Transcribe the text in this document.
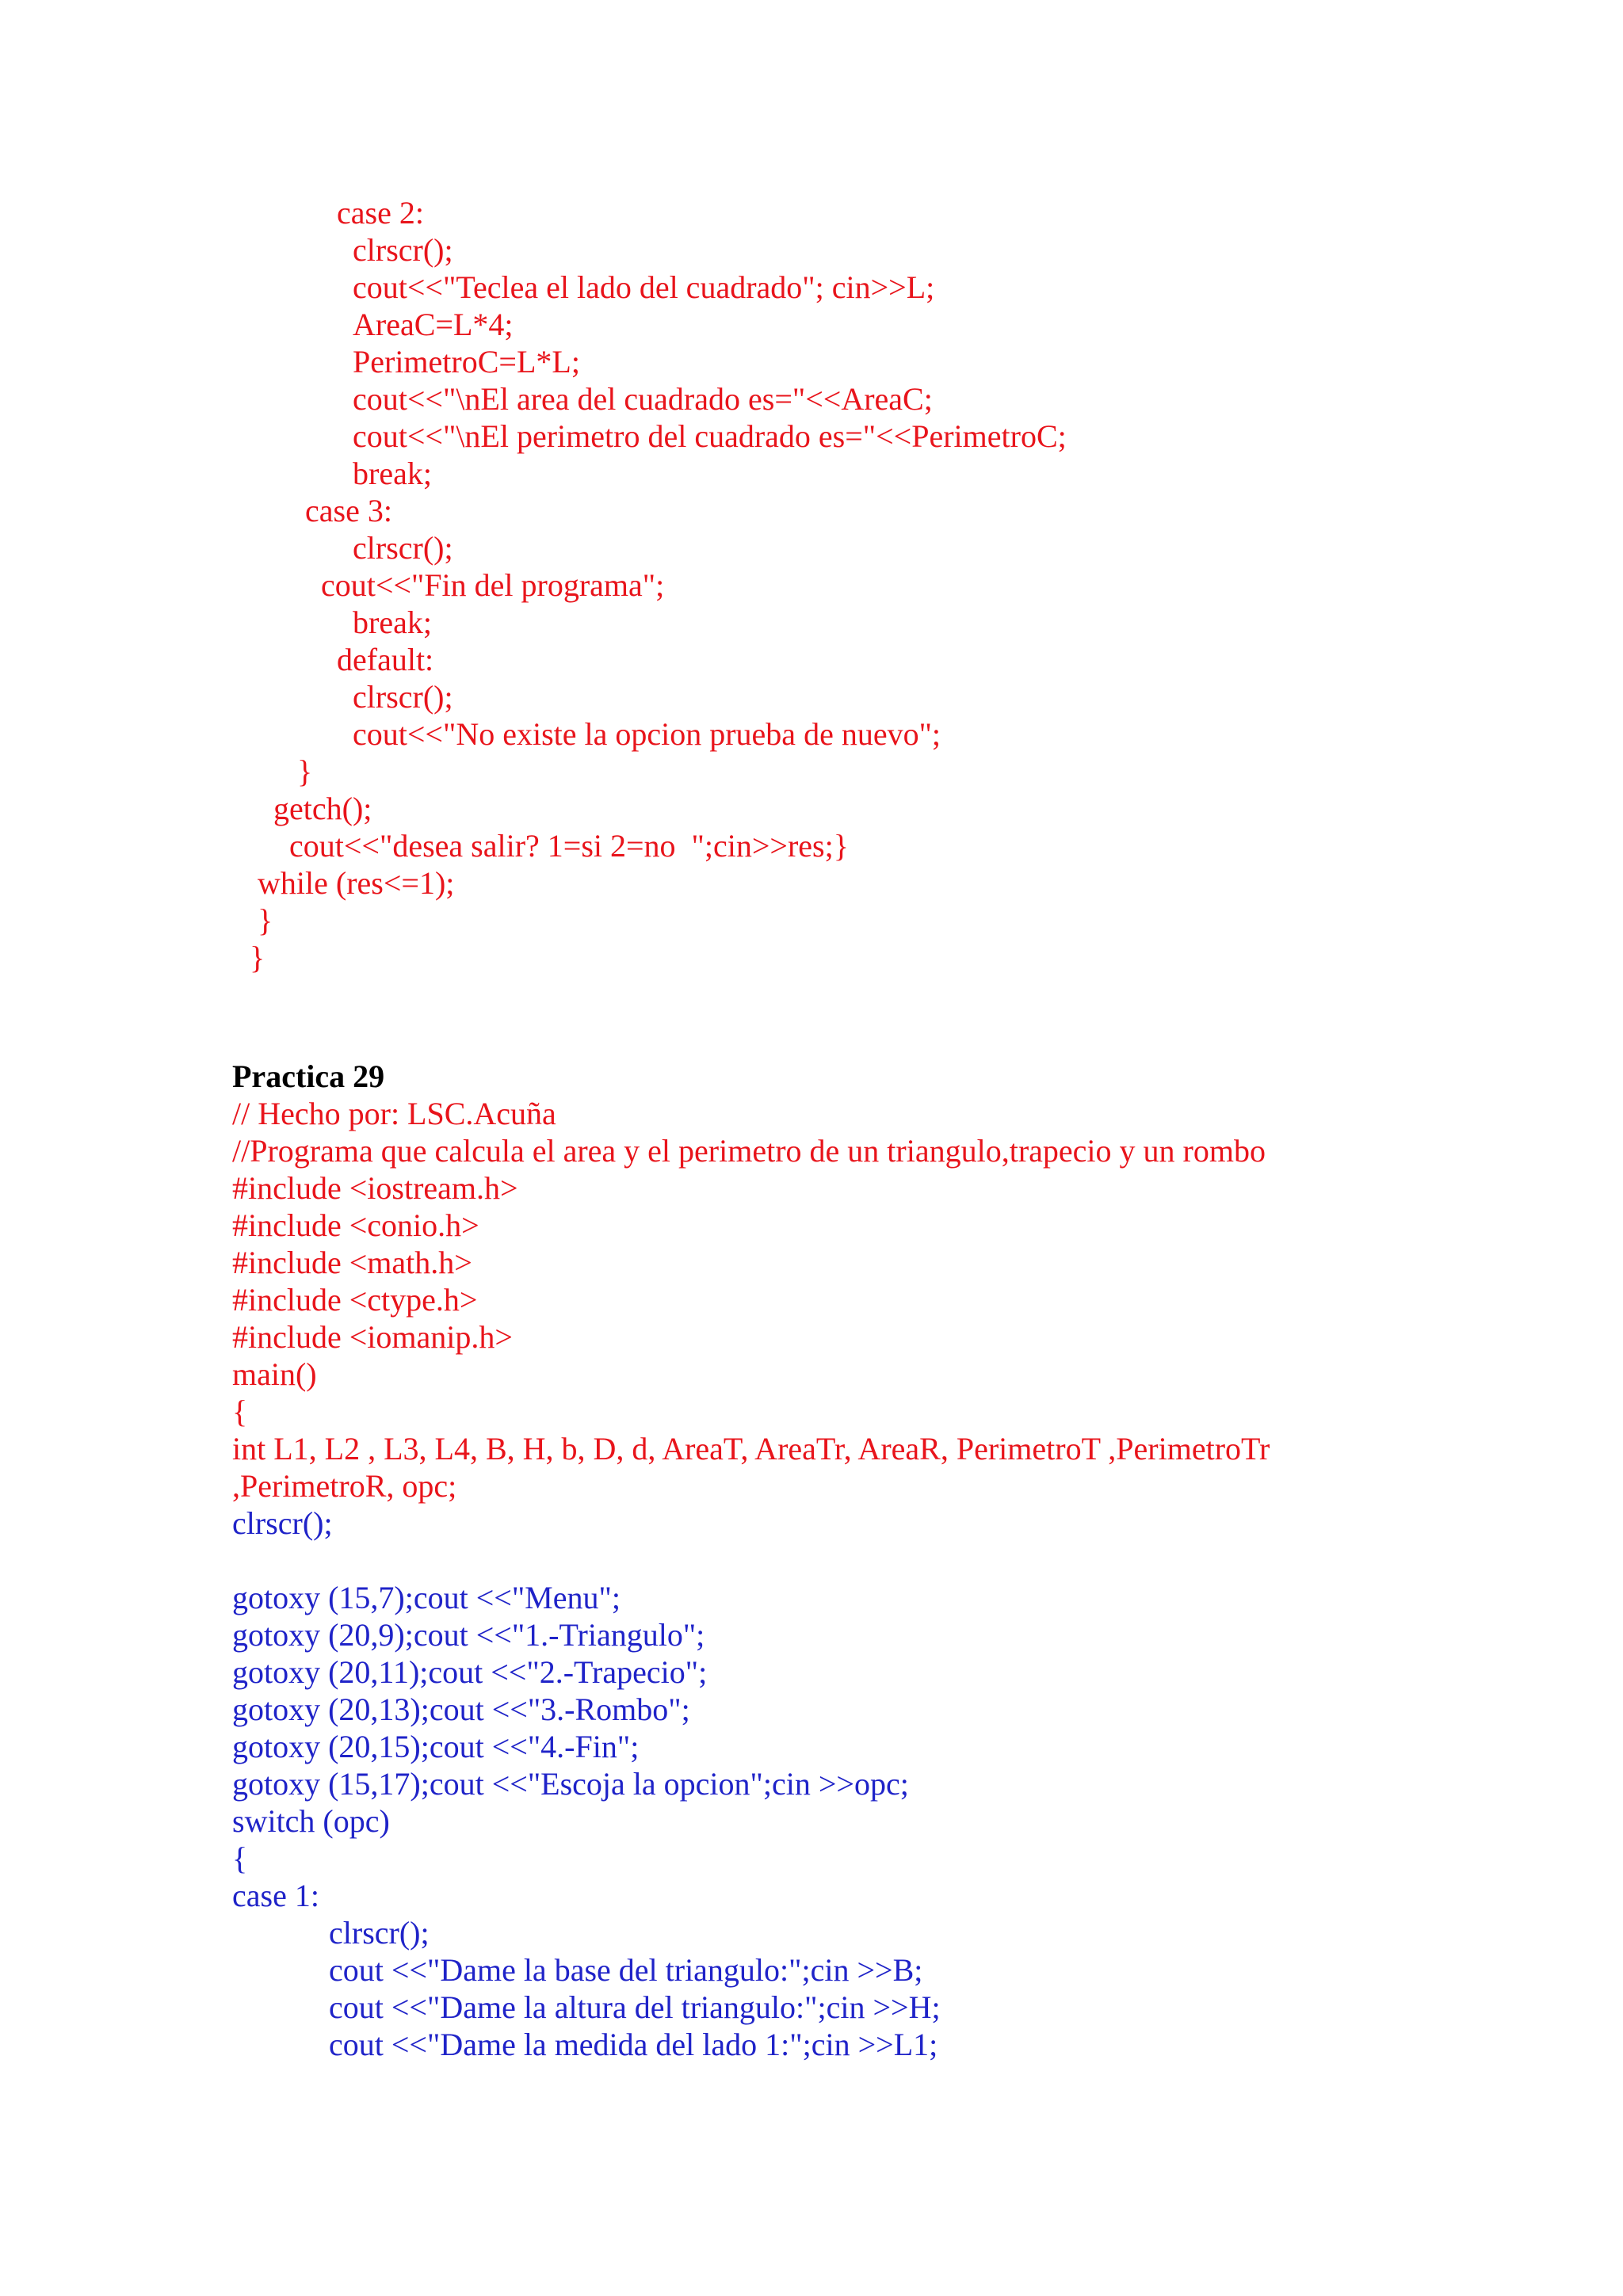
case 2:

clrscr();

cout<<"Teclea el lado del cuadrado"; cin>>L;

AreaC=L*4;

PerimetroC=L*L;

cout<<"\nEl area del cuadrado es="<<AreaC;

cout<<"\nEl perimetro del cuadrado es="<<PerimetroC;

break;

case 3:

clrscr();

cout<<"Fin del programa";

break;

default:

clrscr();

cout<<"No existe la opcion prueba de nuevo";

}

getch();

cout<<"desea salir? 1=si 2=no  ";cin>>res;}

while (res<=1);

}

}

Practica 29

// Hecho por: LSC.Acuña

//Programa que calcula el area y el perimetro de un triangulo,trapecio y un rombo

#include <iostream.h>

#include <conio.h>

#include <math.h>

#include <ctype.h>

#include <iomanip.h>

main()

{

int L1, L2 , L3, L4, B, H, b, D, d, AreaT, AreaTr, AreaR, PerimetroT ,PerimetroTr

,PerimetroR, opc;

clrscr();

gotoxy (15,7);cout <<"Menu";

gotoxy (20,9);cout <<"1.-Triangulo";

gotoxy (20,11);cout <<"2.-Trapecio";

gotoxy (20,13);cout <<"3.-Rombo";

gotoxy (20,15);cout <<"4.-Fin";

gotoxy (15,17);cout <<"Escoja la opcion";cin >>opc;

switch (opc)

{

case 1:

clrscr();

cout <<"Dame la base del triangulo:";cin >>B;

cout <<"Dame la altura del triangulo:";cin >>H;

cout <<"Dame la medida del lado 1:";cin >>L1;
